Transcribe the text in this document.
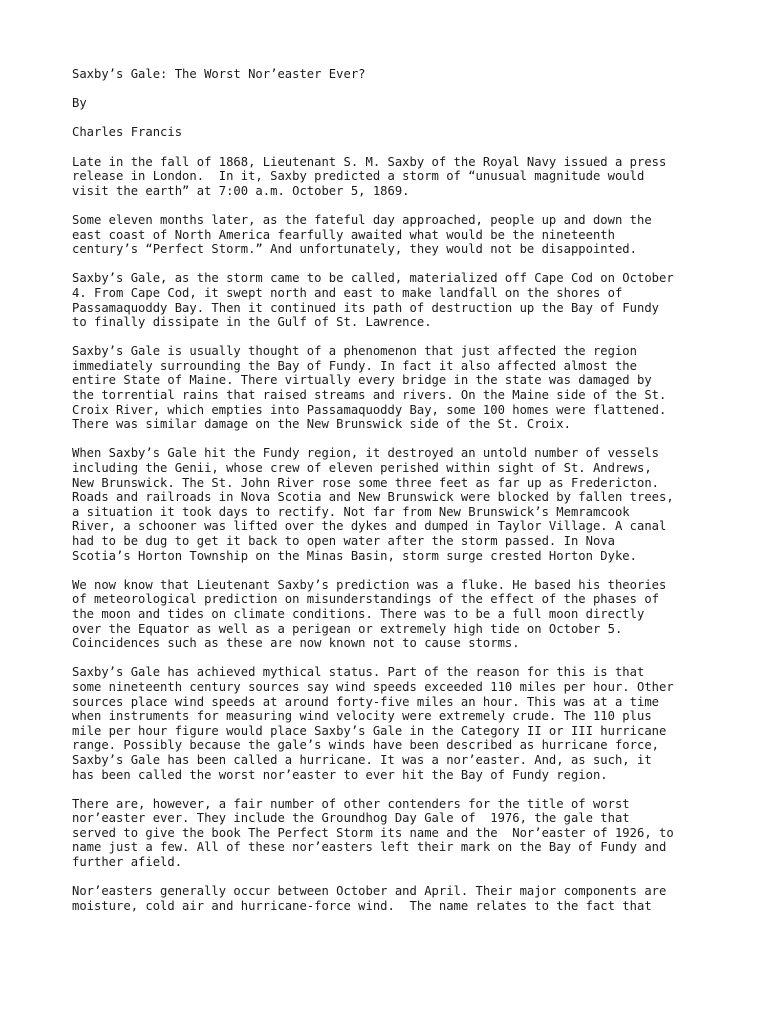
Saxby’s Gale: The Worst Nor’easter Ever?
By
Charles Francis
Late in the fall of 1868, Lieutenant S. M. Saxby of the Royal Navy issued a press
release in London.  In it, Saxby predicted a storm of “unusual magnitude would
visit the earth” at 7:00 a.m. October 5, 1869.
Some eleven months later, as the fateful day approached, people up and down the
east coast of North America fearfully awaited what would be the nineteenth
century’s “Perfect Storm.” And unfortunately, they would not be disappointed.
Saxby’s Gale, as the storm came to be called, materialized off Cape Cod on October
4. From Cape Cod, it swept north and east to make landfall on the shores of
Passamaquoddy Bay. Then it continued its path of destruction up the Bay of Fundy
to finally dissipate in the Gulf of St. Lawrence.
Saxby’s Gale is usually thought of a phenomenon that just affected the region
immediately surrounding the Bay of Fundy. In fact it also affected almost the
entire State of Maine. There virtually every bridge in the state was damaged by
the torrential rains that raised streams and rivers. On the Maine side of the St.
Croix River, which empties into Passamaquoddy Bay, some 100 homes were flattened.
There was similar damage on the New Brunswick side of the St. Croix.
When Saxby’s Gale hit the Fundy region, it destroyed an untold number of vessels
including the Genii, whose crew of eleven perished within sight of St. Andrews,
New Brunswick. The St. John River rose some three feet as far up as Fredericton.
Roads and railroads in Nova Scotia and New Brunswick were blocked by fallen trees,
a situation it took days to rectify. Not far from New Brunswick’s Memramcook
River, a schooner was lifted over the dykes and dumped in Taylor Village. A canal
had to be dug to get it back to open water after the storm passed. In Nova
Scotia’s Horton Township on the Minas Basin, storm surge crested Horton Dyke.
We now know that Lieutenant Saxby’s prediction was a fluke. He based his theories
of meteorological prediction on misunderstandings of the effect of the phases of
the moon and tides on climate conditions. There was to be a full moon directly
over the Equator as well as a perigean or extremely high tide on October 5.
Coincidences such as these are now known not to cause storms.
Saxby’s Gale has achieved mythical status. Part of the reason for this is that
some nineteenth century sources say wind speeds exceeded 110 miles per hour. Other
sources place wind speeds at around forty-five miles an hour. This was at a time
when instruments for measuring wind velocity were extremely crude. The 110 plus
mile per hour figure would place Saxby’s Gale in the Category II or III hurricane
range. Possibly because the gale’s winds have been described as hurricane force,
Saxby’s Gale has been called a hurricane. It was a nor’easter. And, as such, it
has been called the worst nor’easter to ever hit the Bay of Fundy region.
There are, however, a fair number of other contenders for the title of worst
nor’easter ever. They include the Groundhog Day Gale of  1976, the gale that
served to give the book The Perfect Storm its name and the  Nor’easter of 1926, to
name just a few. All of these nor’easters left their mark on the Bay of Fundy and
further afield.
Nor’easters generally occur between October and April. Their major components are
moisture, cold air and hurricane-force wind.  The name relates to the fact that
